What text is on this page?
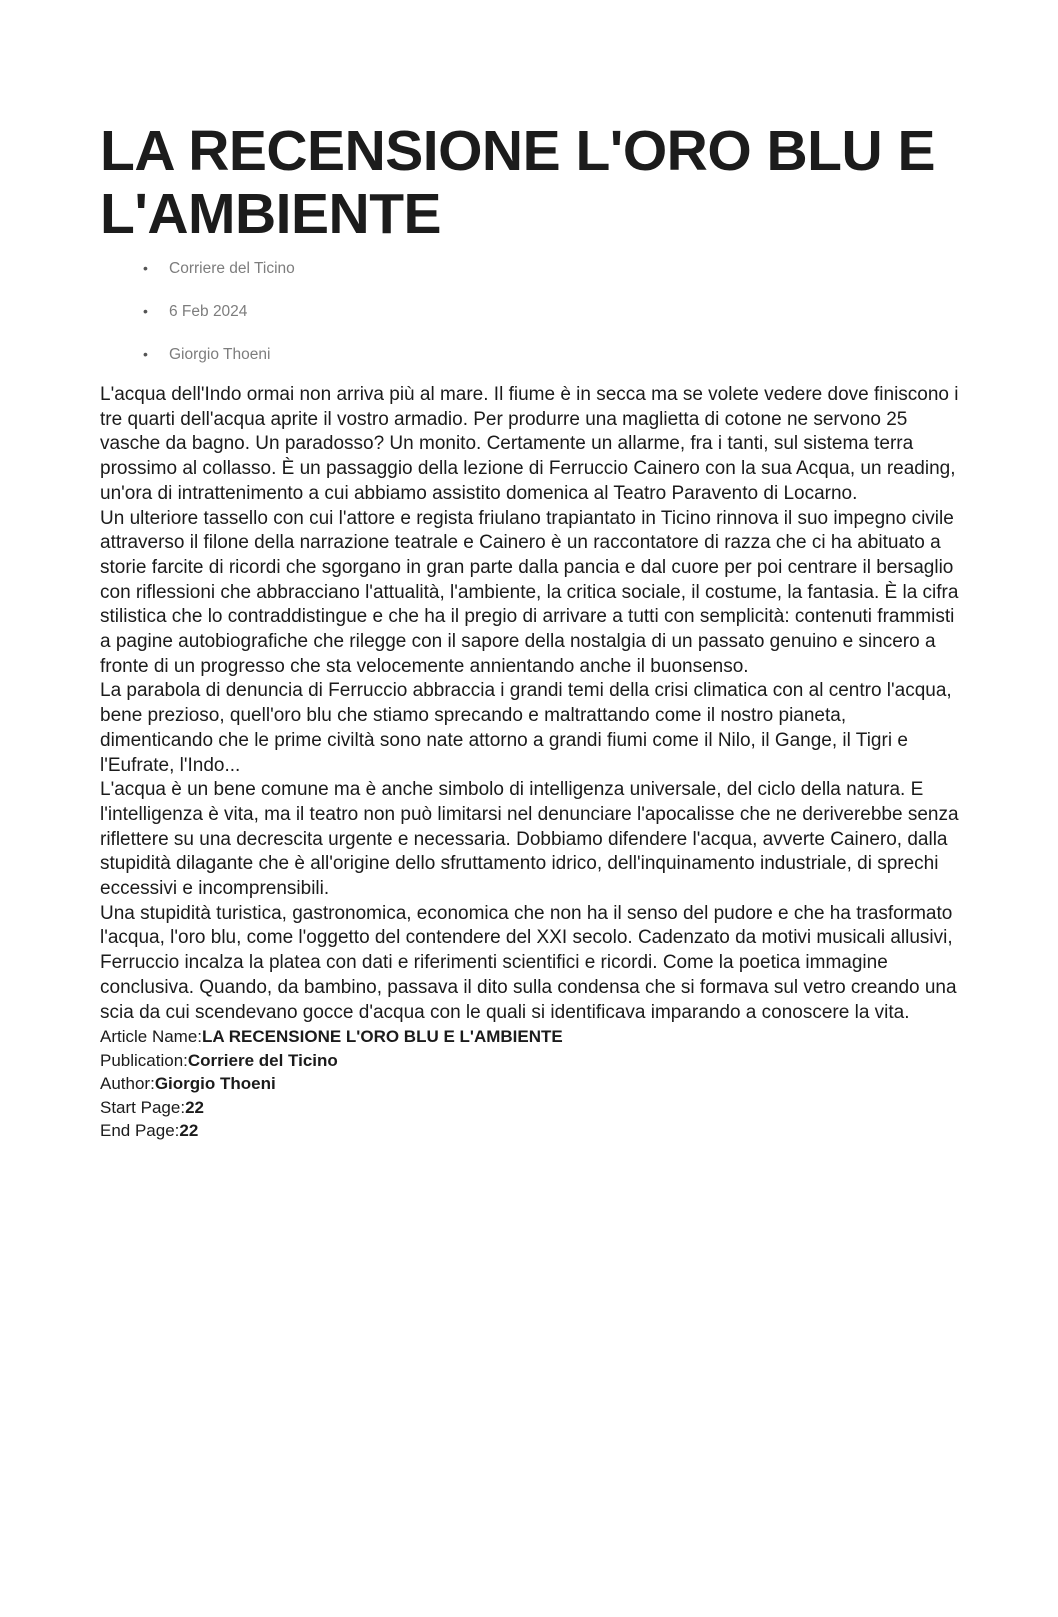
LA RECENSIONE L'ORO BLU E L'AMBIENTE
•	Corriere del Ticino
•	6 Feb 2024
•	Giorgio Thoeni

L'acqua dell'Indo ormai non arriva più al mare. Il fiume è in secca ma se volete vedere dove finiscono i tre quarti dell'acqua aprite il vostro armadio. Per produrre una maglietta di cotone ne servono 25 vasche da bagno. Un paradosso? Un monito. Certamente un allarme, fra i tanti, sul sistema terra prossimo al collasso. È un passaggio della lezione di Ferruccio Cainero con la sua Acqua, un reading, un'ora di intrattenimento a cui abbiamo assistito domenica al Teatro Paravento di Locarno.

Un ulteriore tassello con cui l'attore e regista friulano trapiantato in Ticino rinnova il suo impegno civile attraverso il filone della narrazione teatrale e Cainero è un raccontatore di razza che ci ha abituato a storie farcite di ricordi che sgorgano in gran parte dalla pancia e dal cuore per poi centrare il bersaglio con riflessioni che abbracciano l'attualità, l'ambiente, la critica sociale, il costume, la fantasia. È la cifra stilistica che lo contraddistingue e che ha il pregio di arrivare a tutti con semplicità: contenuti frammisti a pagine autobiografiche che rilegge con il sapore della nostalgia di un passato genuino e sincero a fronte di un progresso che sta velocemente annientando anche il buonsenso.

La parabola di denuncia di Ferruccio abbraccia i grandi temi della crisi climatica con al centro l'acqua, bene prezioso, quell'oro blu che stiamo sprecando e maltrattando come il nostro pianeta, dimenticando che le prime civiltà sono nate attorno a grandi fiumi come il Nilo, il Gange, il Tigri e l'Eufrate, l'Indo...

L'acqua è un bene comune ma è anche simbolo di intelligenza universale, del ciclo della natura. E l'intelligenza è vita, ma il teatro non può limitarsi nel denunciare l'apocalisse che ne deriverebbe senza riflettere su una decrescita urgente e necessaria. Dobbiamo difendere l'acqua, avverte Cainero, dalla stupidità dilagante che è all'origine dello sfruttamento idrico, dell'inquinamento industriale, di sprechi eccessivi e incomprensibili.

Una stupidità turistica, gastronomica, economica che non ha il senso del pudore e che ha trasformato l'acqua, l'oro blu, come l'oggetto del contendere del XXI secolo. Cadenzato da motivi musicali allusivi, Ferruccio incalza la platea con dati e riferimenti scientifici e ricordi. Come la poetica immagine conclusiva. Quando, da bambino, passava il dito sulla condensa che si formava sul vetro creando una scia da cui scendevano gocce d'acqua con le quali si identificava imparando a conoscere la vita.

Article Name:LA RECENSIONE L'ORO BLU E L'AMBIENTE
Publication:Corriere del Ticino
Author:Giorgio Thoeni
Start Page:22
End Page:22
